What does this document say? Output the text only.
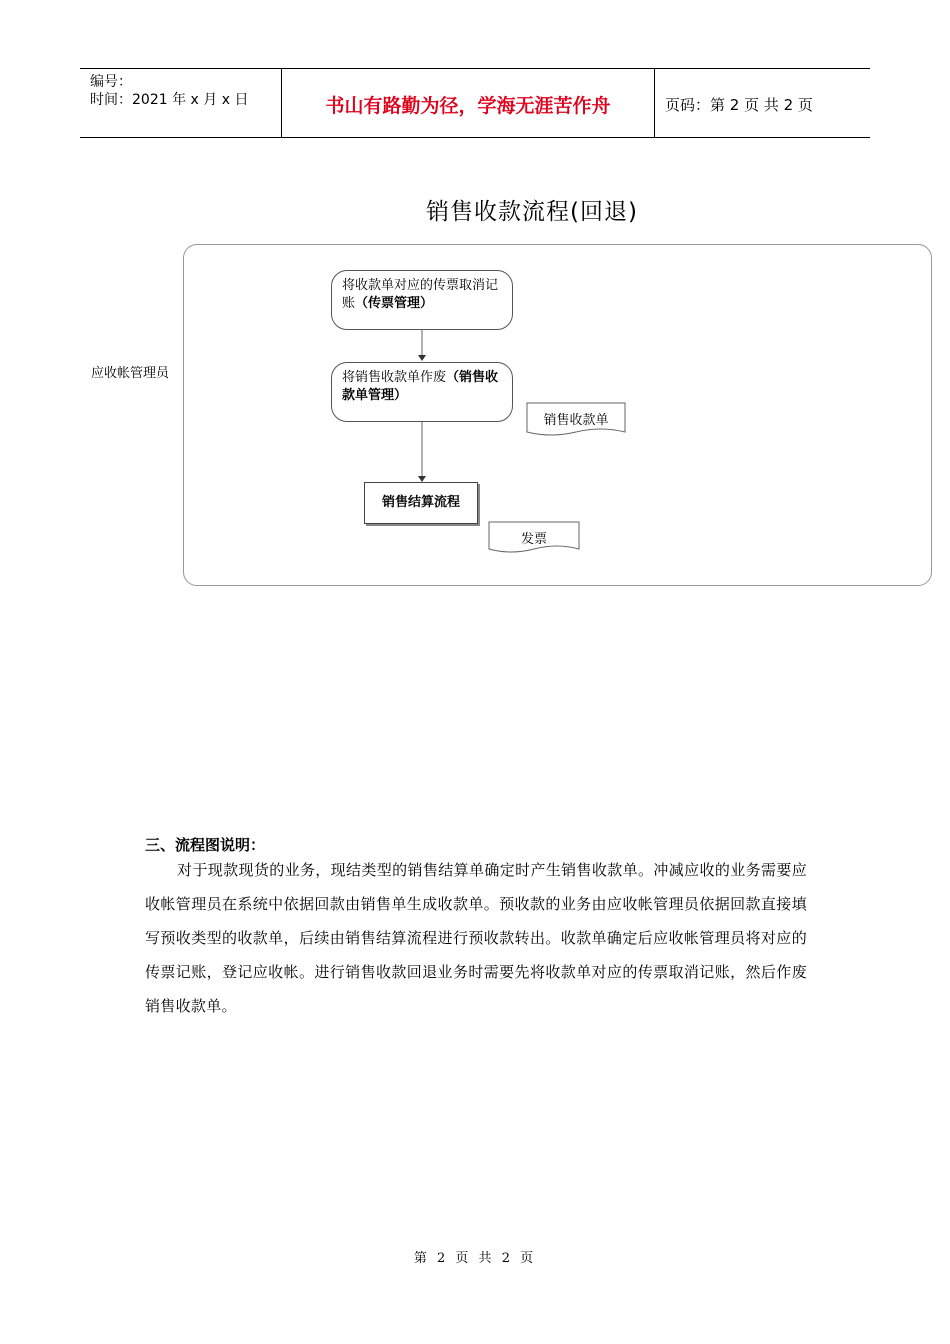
编号：
时间：2021 年 x 月 x 日	书山有路勤为径，学海无涯苦作舟	页码：第 2 页 共 2 页
销售收款流程(回退)
应收帐管理员
将收款单对应的传票取消记账（传票管理）
将销售收款单作废（销售收款单管理）
销售结算流程
销售收款单
发票
三、流程图说明：
对于现款现货的业务，现结类型的销售结算单确定时产生销售收款单。冲减应收的业务需要应收帐管理员在系统中依据回款由销售单生成收款单。预收款的业务由应收帐管理员依据回款直接填写预收类型的收款单，后续由销售结算流程进行预收款转出。收款单确定后应收帐管理员将对应的传票记账，登记应收帐。进行销售收款回退业务时需要先将收款单对应的传票取消记账，然后作废销售收款单。
第 2 页 共 2 页
